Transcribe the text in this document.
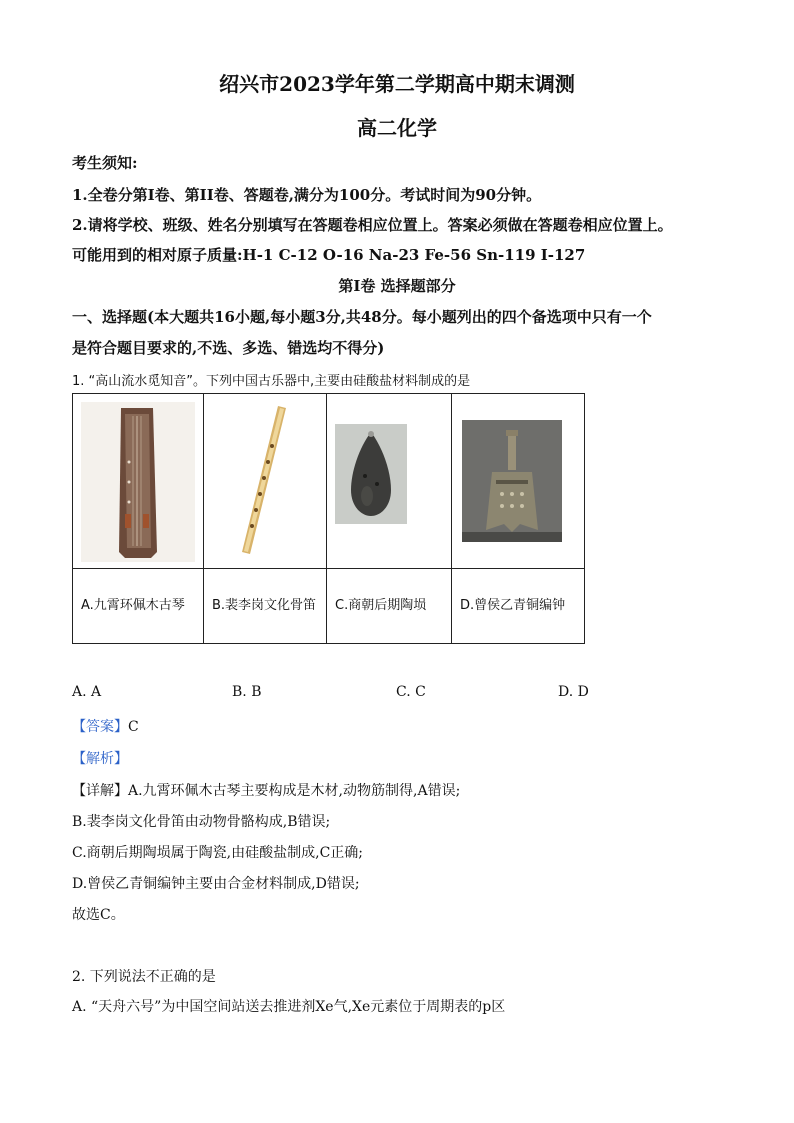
绍兴市2023学年第二学期高中期末调测
高二化学
考生须知:
1.全卷分第I卷、第II卷、答题卷,满分为100分。考试时间为90分钟。
2.请将学校、班级、姓名分别填写在答题卷相应位置上。答案必须做在答题卷相应位置上。
可能用到的相对原子质量:H-1 C-12 O-16 Na-23 Fe-56 Sn-119 I-127
第I卷 选择题部分
一、选择题(本大题共16小题,每小题3分,共48分。每小题列出的四个备选项中只有一个
是符合题目要求的,不选、多选、错选均不得分)
1. “高山流水觅知音”。下列中国古乐器中,主要由硅酸盐材料制成的是

A.九霄环佩木古琴	B.裴李岗文化骨笛	C.商朝后期陶埙	D.曾侯乙青铜编钟
A. A	B. B	C. C	D. D
【答案】C
【解析】
【详解】A.九霄环佩木古琴主要构成是木材,动物筋制得,A错误;
B.裴李岗文化骨笛由动物骨骼构成,B错误;
C.商朝后期陶埙属于陶瓷,由硅酸盐制成,C正确;
D.曾侯乙青铜编钟主要由合金材料制成,D错误;
故选C。
2. 下列说法不正确的是
A. “天舟六号”为中国空间站送去推进剂Xe气,Xe元素位于周期表的p区
